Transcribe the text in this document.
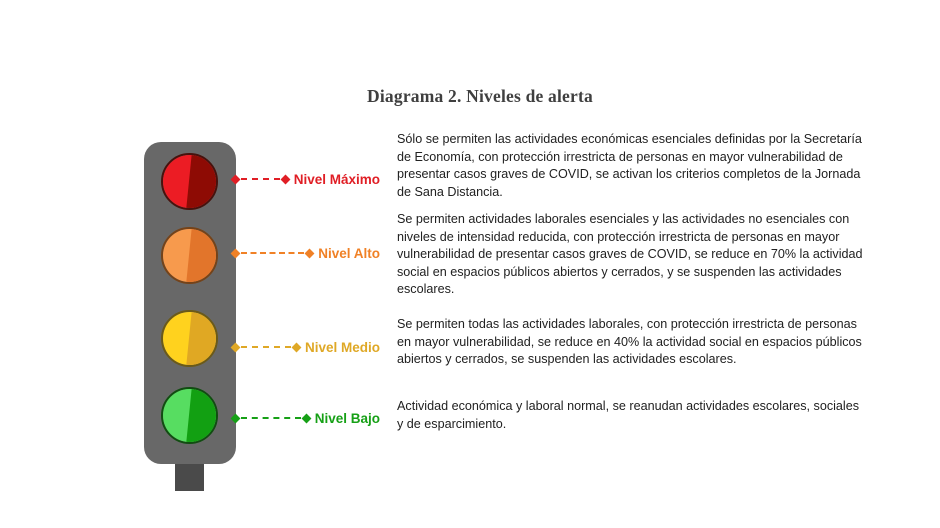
Diagrama 2. Niveles de alerta
Nivel Máximo
Nivel Alto
Nivel Medio
Nivel Bajo

Sólo se permiten las actividades económicas esenciales definidas por la Secretaría de Economía, con protección irrestricta de personas en mayor vulnerabilidad de presentar casos graves de COVID, se activan los criterios completos de la Jornada de Sana Distancia.

Se permiten actividades laborales esenciales y las actividades no esenciales con niveles de intensidad reducida, con protección irrestricta de personas en mayor vulnerabilidad de presentar casos graves de COVID, se reduce en 70% la actividad social en espacios públicos abiertos y cerrados, y se suspenden las actividades escolares.

Se permiten todas las actividades laborales, con protección irrestricta de personas en mayor vulnerabilidad, se reduce en 40% la actividad social en espacios públicos abiertos y cerrados, se suspenden las actividades escolares.

Actividad económica y laboral normal, se reanudan actividades escolares, sociales y de esparcimiento.
